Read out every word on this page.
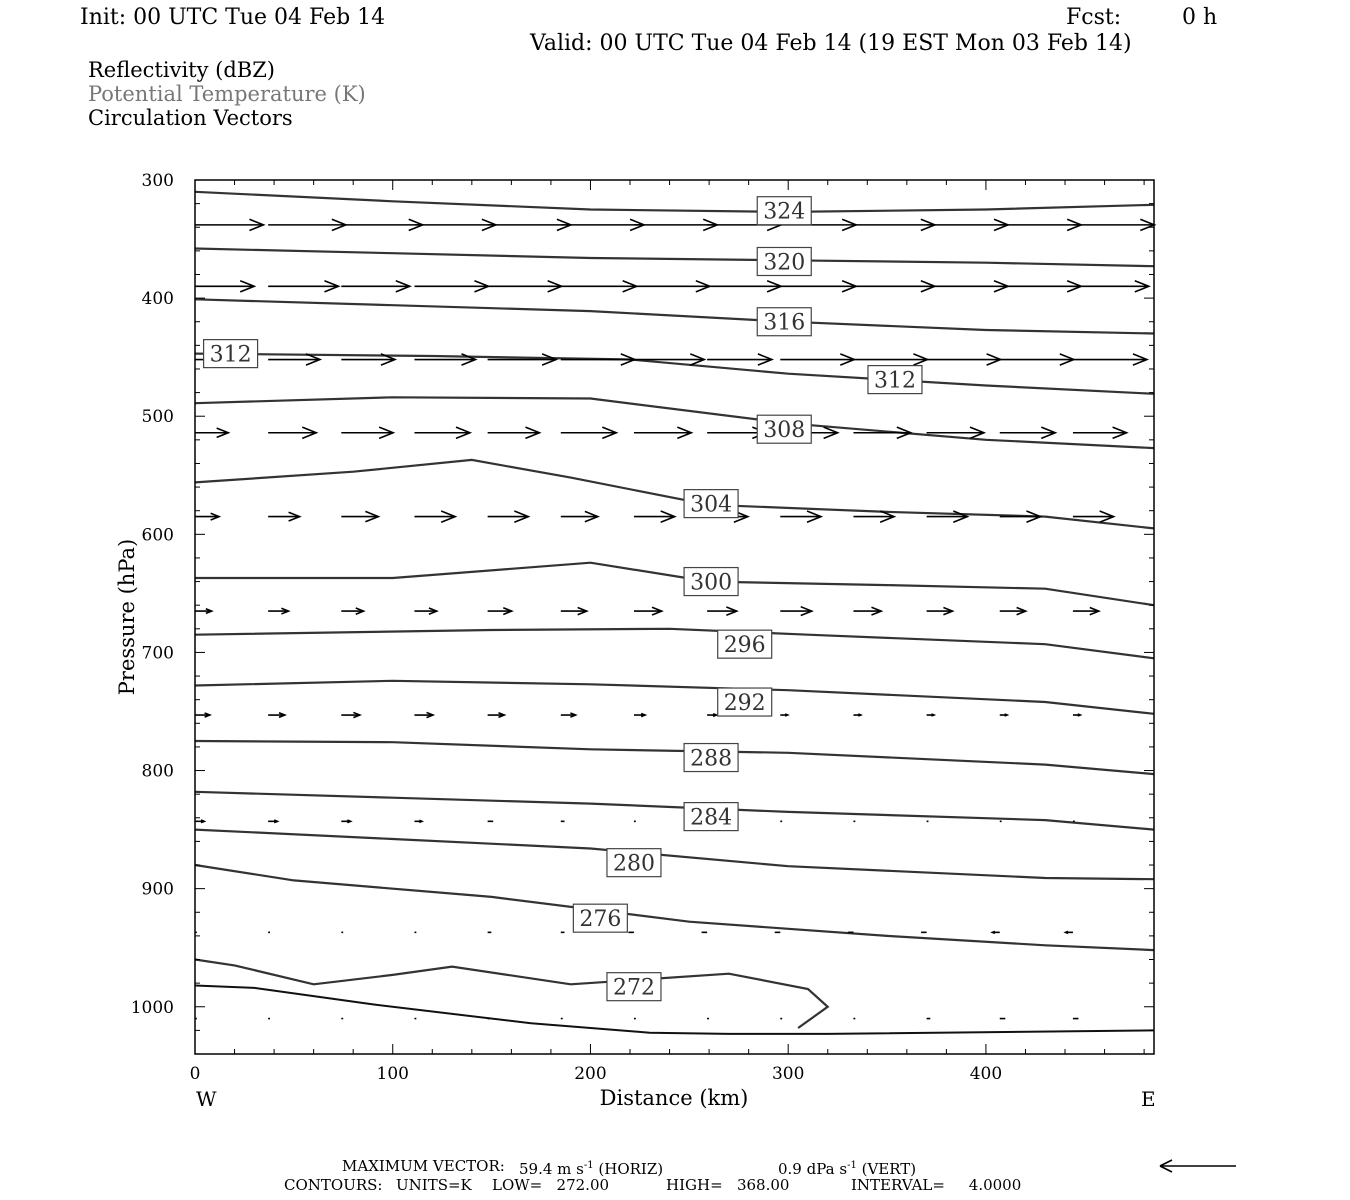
Init: 00 UTC Tue 04 Feb 14	Fcst:	0 h
Valid: 00 UTC Tue 04 Feb 14 (19 EST Mon 03 Feb 14)
Reflectivity (dBZ)
Potential Temperature (K)
Circulation Vectors
324
320
316
312
312
308
304
300
296
292
288
284
280
276
272
300
400
500
600
700
800
900
1000
0	100	200	300	400
Distance (km)
Pressure (hPa)
W	E
MAXIMUM VECTOR: 59.4 m $s^{-1}$ (HORIZ)	0.9 dPa $s^{-1}$ (VERT)
CONTOURS: UNITS=K LOW=   272.00	HIGH=   368.00	INTERVAL=     4.0000
